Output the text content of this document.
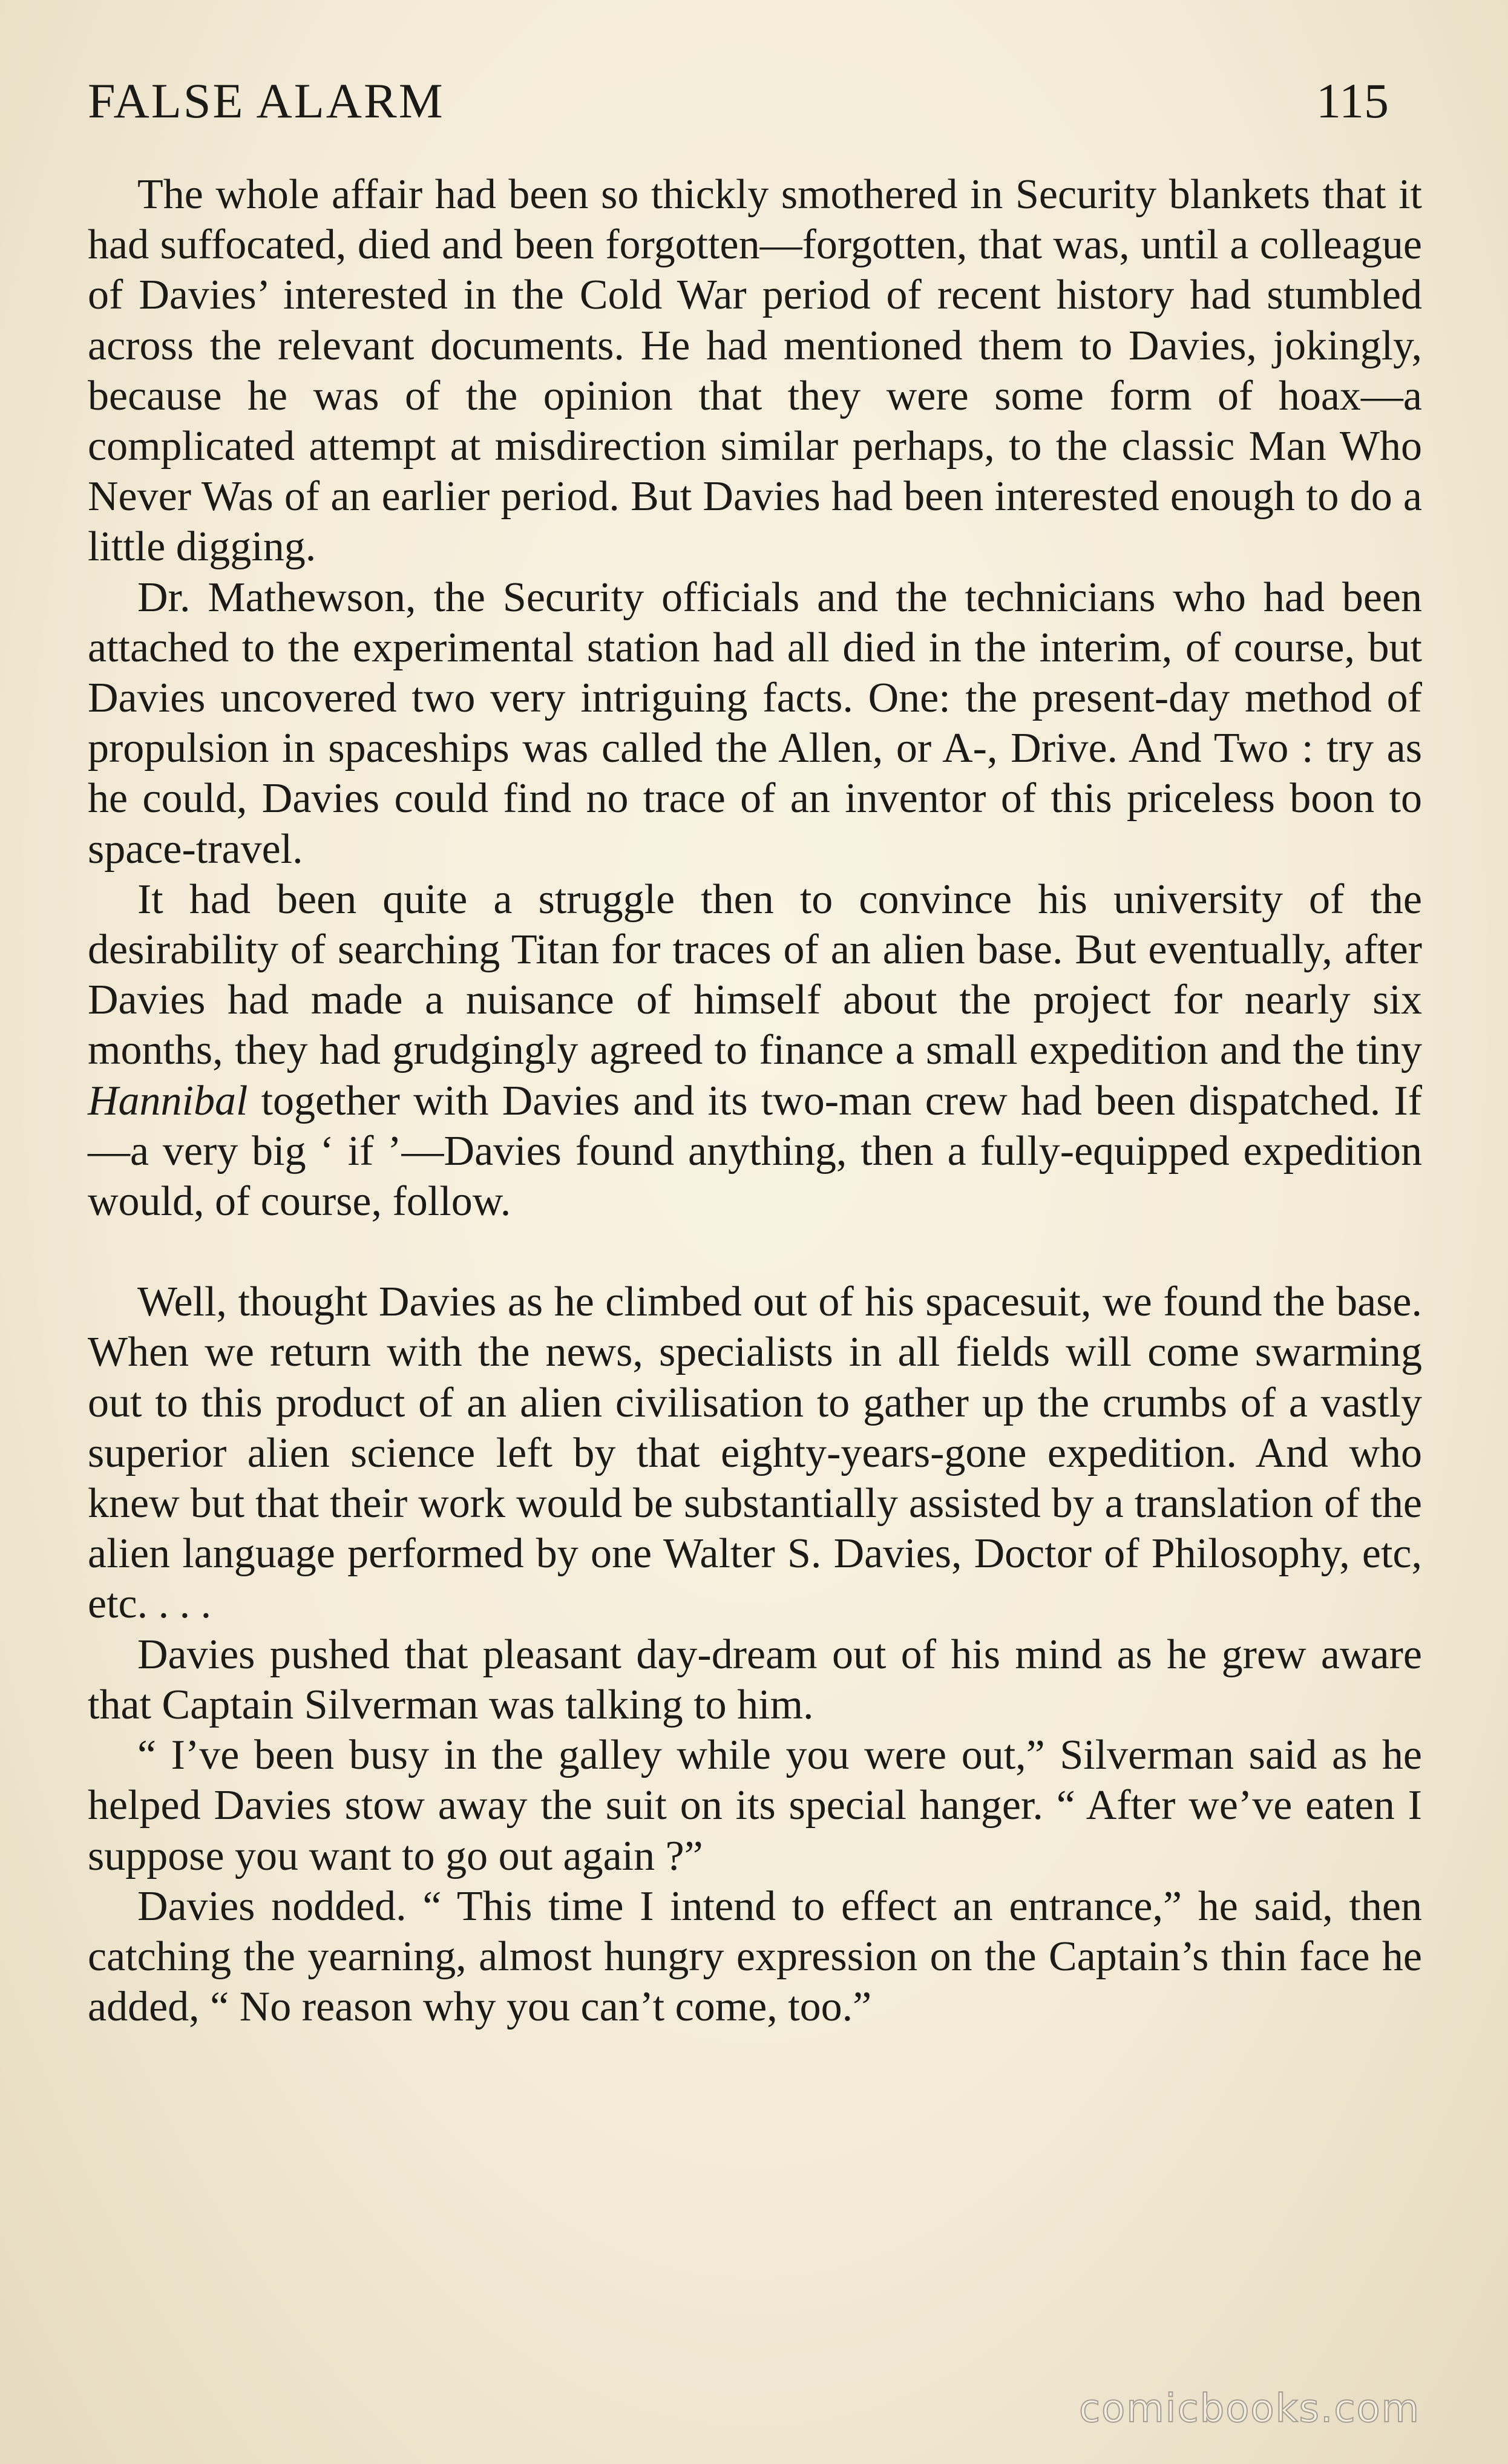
FALSE ALARM	115

The whole affair had been so thickly smothered in Security blankets that it had suffocated, died and been forgotten—forgotten, that was, until a colleague of Davies’ interested in the Cold War period of recent history had stumbled across the relevant documents. He had mentioned them to Davies, jokingly, because he was of the opinion that they were some form of hoax—a complicated attempt at misdirection similar perhaps, to the classic Man Who Never Was of an earlier period. But Davies had been interested enough to do a little digging.

Dr. Mathewson, the Security officials and the technicians who had been attached to the experimental station had all died in the interim, of course, but Davies uncovered two very intriguing facts. One: the present-day method of propulsion in spaceships was called the Allen, or A-, Drive. And Two : try as he could, Davies could find no trace of an inventor of this priceless boon to space-travel.

It had been quite a struggle then to convince his university of the desirability of searching Titan for traces of an alien base. But eventually, after Davies had made a nuisance of himself about the project for nearly six months, they had grudgingly agreed to finance a small expedition and the tiny Hannibal together with Davies and its two-man crew had been dispatched. If—a very big ‘ if ’—Davies found anything, then a fully-equipped expedition would, of course, follow.

Well, thought Davies as he climbed out of his spacesuit, we found the base. When we return with the news, specialists in all fields will come swarming out to this product of an alien civilisation to gather up the crumbs of a vastly superior alien science left by that eighty-years-gone expedition. And who knew but that their work would be substantially assisted by a translation of the alien language performed by one Walter S. Davies, Doctor of Philosophy, etc, etc. . . .

Davies pushed that pleasant day-dream out of his mind as he grew aware that Captain Silverman was talking to him.

“ I’ve been busy in the galley while you were out,” Silverman said as he helped Davies stow away the suit on its special hanger. “ After we’ve eaten I suppose you want to go out again ?”

Davies nodded. “ This time I intend to effect an entrance,” he said, then catching the yearning, almost hungry expression on the Captain’s thin face he added, “ No reason why you can’t come, too.”

comicbooks.com
